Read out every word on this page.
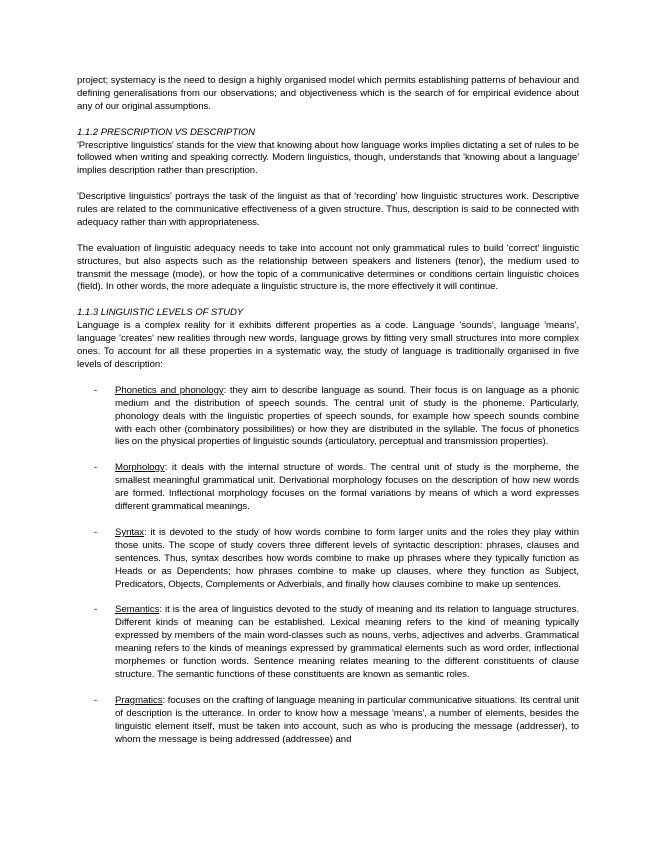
project; systemacy is the need to design a highly organised model which permits establishing patterns of behaviour and defining generalisations from our observations; and objectiveness which is the search of for empirical evidence about any of our original assumptions.

1.1.2 PRESCRIPTION VS DESCRIPTION

'Prescriptive linguistics' stands for the view that knowing about how language works implies dictating a set of rules to be followed when writing and speaking correctly. Modern linguistics, though, understands that 'knowing about a language' implies description rather than prescription.

'Descriptive linguistics' portrays the task of the linguist as that of 'recording' how linguistic structures work. Descriptive rules are related to the communicative effectiveness of a given structure. Thus, description is said to be connected with adequacy rather than with appropriateness.

The evaluation of linguistic adequacy needs to take into account not only grammatical rules to build 'correct' linguistic structures, but also aspects such as the relationship between speakers and listeners (tenor), the medium used to transmit the message (mode), or how the topic of a communicative determines or conditions certain linguistic choices (field). In other words, the more adequate a linguistic structure is, the more effectively it will continue.

1.1.3 LINGUISTIC LEVELS OF STUDY

Language is a complex reality for it exhibits different properties as a code. Language 'sounds', language 'means', language 'creates' new realities through new words, language grows by fitting very small structures into more complex ones. To account for all these properties in a systematic way, the study of language is traditionally organised in five levels of description:

- Phonetics and phonology: they aim to describe language as sound. Their focus is on language as a phonic medium and the distribution of speech sounds. The central unit of study is the phoneme. Particularly, phonology deals with the linguistic properties of speech sounds, for example how speech sounds combine with each other (combinatory possibilities) or how they are distributed in the syllable. The focus of phonetics lies on the physical properties of linguistic sounds (articulatory, perceptual and transmission properties).
- Morphology: it deals with the internal structure of words. The central unit of study is the morpheme, the smallest meaningful grammatical unit. Derivational morphology focuses on the description of how new words are formed. Inflectional morphology focuses on the formal variations by means of which a word expresses different grammatical meanings.
- Syntax: it is devoted to the study of how words combine to form larger units and the roles they play within those units. The scope of study covers three different levels of syntactic description: phrases, clauses and sentences. Thus, syntax describes how words combine to make up phrases where they typically function as Heads or as Dependents; how phrases combine to make up clauses, where they function as Subject, Predicators, Objects, Complements or Adverbials, and finally how clauses combine to make up sentences.
- Semantics: it is the area of linguistics devoted to the study of meaning and its relation to language structures. Different kinds of meaning can be established. Lexical meaning refers to the kind of meaning typically expressed by members of the main word-classes such as nouns, verbs, adjectives and adverbs. Grammatical meaning refers to the kinds of meanings expressed by grammatical elements such as word order, inflectional morphemes or function words. Sentence meaning relates meaning to the different constituents of clause structure. The semantic functions of these constituents are known as semantic roles.
- Pragmatics: focuses on the crafting of language meaning in particular communicative situations. Its central unit of description is the utterance. In order to know how a message 'means', a number of elements, besides the linguistic element itself, must be taken into account, such as who is producing the message (addresser), to whom the message is being addressed (addressee) and
